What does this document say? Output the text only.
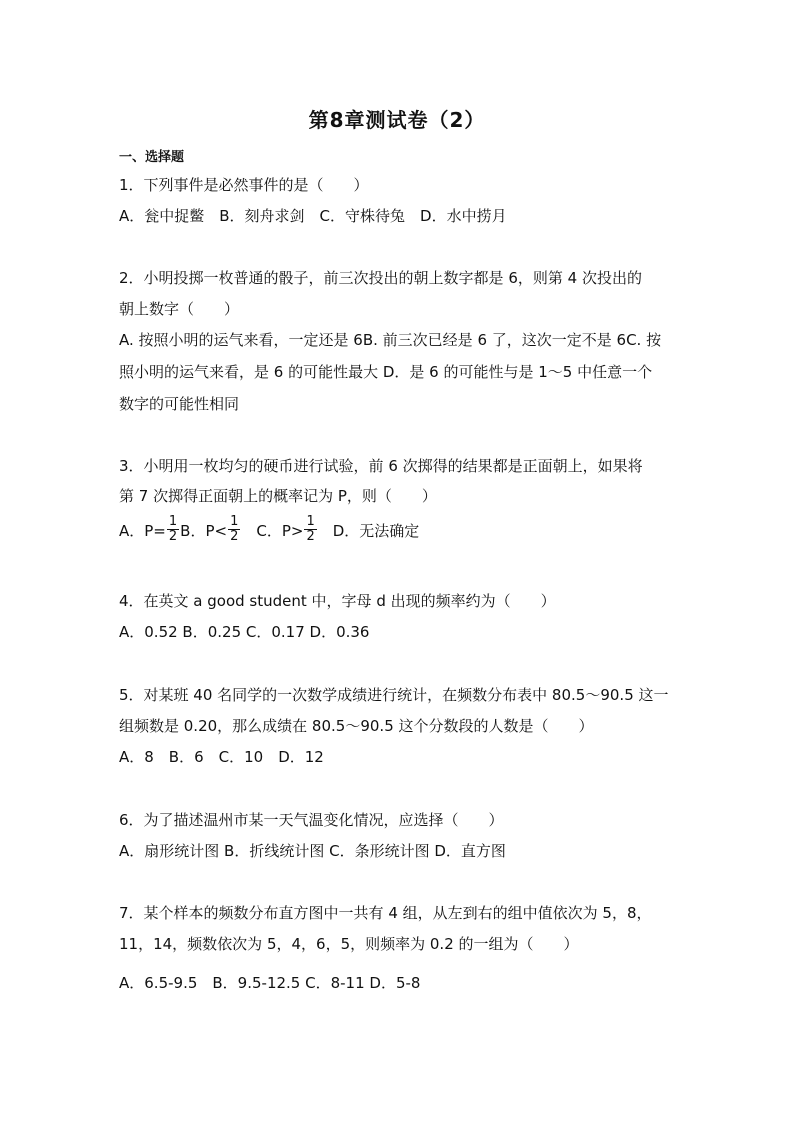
第8章测试卷（2）
一、选择题
1．下列事件是必然事件的是（　　）
A．瓮中捉鳖　B．刻舟求剑　C．守株待兔　D．水中捞月
2．小明投掷一枚普通的骰子，前三次投出的朝上数字都是 6，则第 4 次投出的
朝上数字（　　）
A. 按照小明的运气来看，一定还是 6B. 前三次已经是 6 了，这次一定不是 6C. 按
照小明的运气来看，是 6 的可能性最大 D．是 6 的可能性与是 1～5 中任意一个
数字的可能性相同
3．小明用一枚均匀的硬币进行试验，前 6 次掷得的结果都是正面朝上，如果将
第 7 次掷得正面朝上的概率记为 P，则（　　）
A．$P= \frac{1}{2}$ B．$P< \frac{1}{2}$ 　C．$P> \frac{1}{2}$ 　D．无法确定
4．在英文 a good student 中，字母 d 出现的频率约为（　　）
A．0.52 B．0.25 C．0.17 D．0.36
5．对某班 40 名同学的一次数学成绩进行统计，在频数分布表中 80.5～90.5 这一
组频数是 0.20，那么成绩在 80.5～90.5 这个分数段的人数是（　　）
A．8　B．6　C．10　D．12
6．为了描述温州市某一天气温变化情况，应选择（　　）
A．扇形统计图 B．折线统计图 C．条形统计图 D．直方图
7．某个样本的频数分布直方图中一共有 4 组，从左到右的组中值依次为 5，8，
11，14，频数依次为 5，4，6，5，则频率为 0.2 的一组为（　　）
A．6.5-9.5　B．9.5-12.5 C．8-11 D．5-8
